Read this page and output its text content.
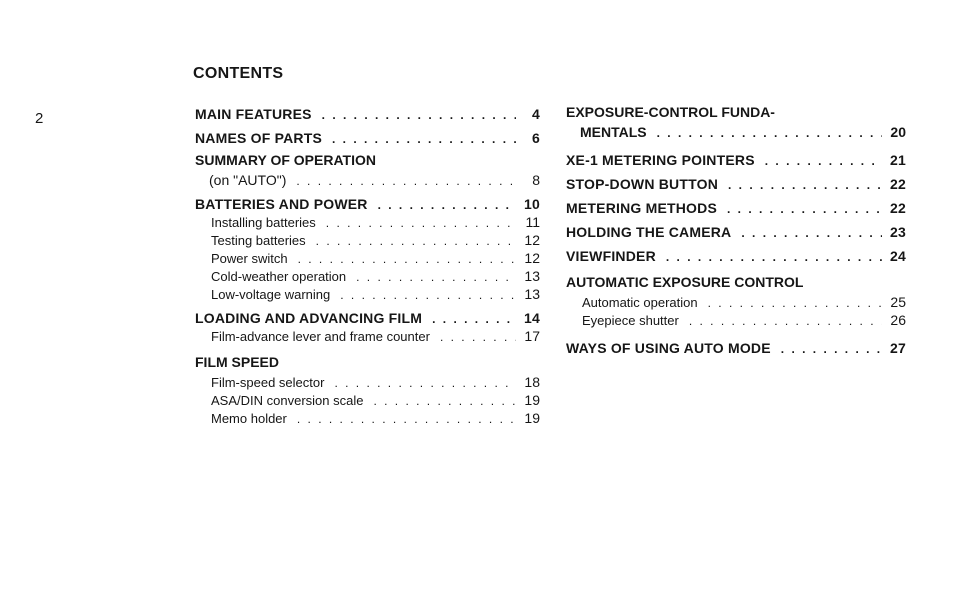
2
CONTENTS
MAIN FEATURES . . .	4
NAMES OF PARTS . . .	6
SUMMARY OF OPERATION
(on "AUTO") . . .	8
BATTERIES AND POWER . . .	10
Installing batteries . . .	11
Testing batteries . . .	12
Power switch . . .	12
Cold-weather operation . . .	13
Low-voltage warning . . .	13
LOADING AND ADVANCING FILM . . .	14
Film-advance lever and frame counter . . .	17
FILM SPEED
Film-speed selector . . .	18
ASA/DIN conversion scale . . .	19
Memo holder . . .	19
EXPOSURE-CONTROL FUNDA-
MENTALS . . .	20
XE-1 METERING POINTERS . . .	21
STOP-DOWN BUTTON . . .	22
METERING METHODS . . .	22
HOLDING THE CAMERA . . .	23
VIEWFINDER . . .	24
AUTOMATIC EXPOSURE CONTROL
Automatic operation . . .	25
Eyepiece shutter . . .	26
WAYS OF USING AUTO MODE . . .	27
